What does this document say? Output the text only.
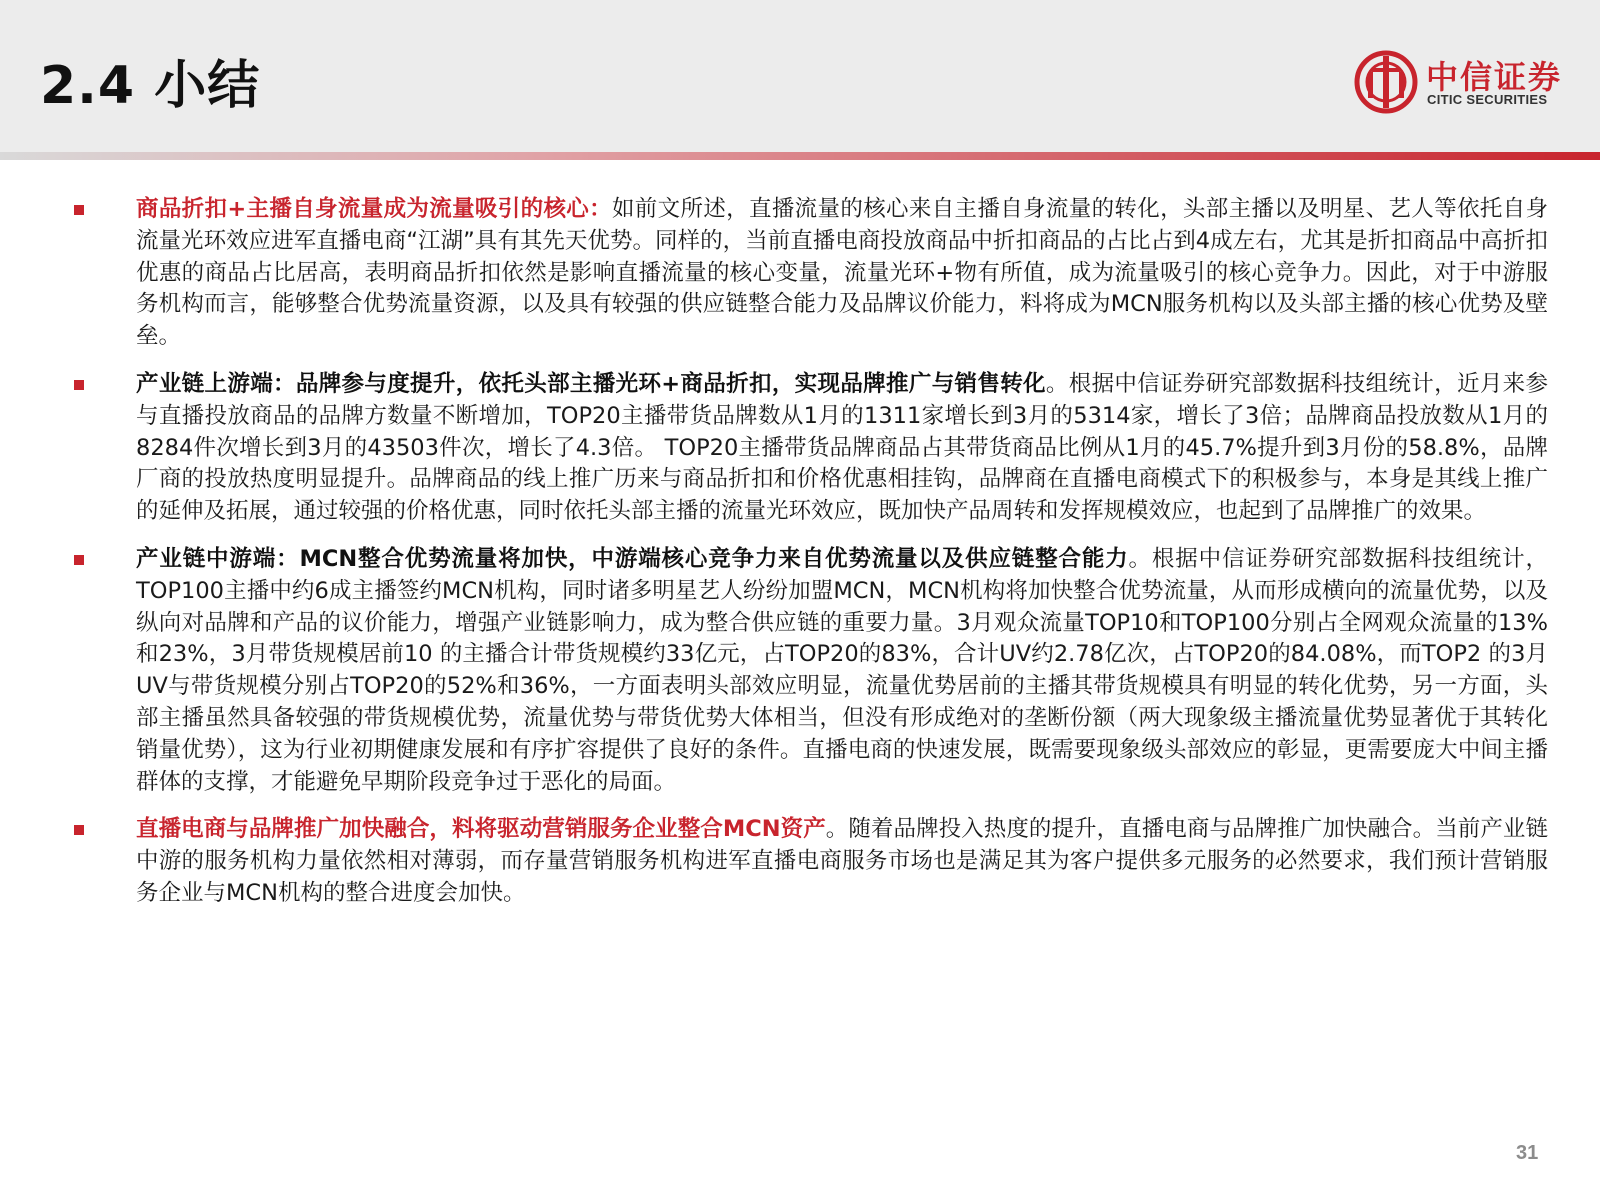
2.4 小结	中信证券
CITIC SECURITIES
商品折扣+主播自身流量成为流量吸引的核心：如前文所述，直播流量的核心来自主播自身流量的转化，头部主播以及明星、艺人等依托自身流量光环效应进军直播电商“江湖”具有其先天优势。同样的，当前直播电商投放商品中折扣商品的占比占到4成左右，尤其是折扣商品中高折扣优惠的商品占比居高，表明商品折扣依然是影响直播流量的核心变量，流量光环+物有所值，成为流量吸引的核心竞争力。因此，对于中游服务机构而言，能够整合优势流量资源，以及具有较强的供应链整合能力及品牌议价能力，料将成为MCN服务机构以及头部主播的核心优势及壁垒。
产业链上游端：品牌参与度提升，依托头部主播光环+商品折扣，实现品牌推广与销售转化。根据中信证券研究部数据科技组统计，近月来参与直播投放商品的品牌方数量不断增加，TOP20主播带货品牌数从1月的1311家增长到3月的5314家，增长了3倍；品牌商品投放数从1月的8284件次增长到3月的43503件次，增长了4.3倍。 TOP20主播带货品牌商品占其带货商品比例从1月的45.7%提升到3月份的58.8%，品牌厂商的投放热度明显提升。品牌商品的线上推广历来与商品折扣和价格优惠相挂钩，品牌商在直播电商模式下的积极参与，本身是其线上推广的延伸及拓展，通过较强的价格优惠，同时依托头部主播的流量光环效应，既加快产品周转和发挥规模效应，也起到了品牌推广的效果。
产业链中游端：MCN整合优势流量将加快，中游端核心竞争力来自优势流量以及供应链整合能力。根据中信证券研究部数据科技组统计，TOP100主播中约6成主播签约MCN机构，同时诸多明星艺人纷纷加盟MCN，MCN机构将加快整合优势流量，从而形成横向的流量优势，以及纵向对品牌和产品的议价能力，增强产业链影响力，成为整合供应链的重要力量。3月观众流量TOP10和TOP100分别占全网观众流量的13%和23%，3月带货规模居前10 的主播合计带货规模约33亿元，占TOP20的83%，合计UV约2.78亿次，占TOP20的84.08%，而TOP2 的3月UV与带货规模分别占TOP20的52%和36%，一方面表明头部效应明显，流量优势居前的主播其带货规模具有明显的转化优势，另一方面，头部主播虽然具备较强的带货规模优势，流量优势与带货优势大体相当，但没有形成绝对的垄断份额（两大现象级主播流量优势显著优于其转化销量优势），这为行业初期健康发展和有序扩容提供了良好的条件。直播电商的快速发展，既需要现象级头部效应的彰显，更需要庞大中间主播群体的支撑，才能避免早期阶段竞争过于恶化的局面。
直播电商与品牌推广加快融合，料将驱动营销服务企业整合MCN资产。随着品牌投入热度的提升，直播电商与品牌推广加快融合。当前产业链中游的服务机构力量依然相对薄弱，而存量营销服务机构进军直播电商服务市场也是满足其为客户提供多元服务的必然要求，我们预计营销服务企业与MCN机构的整合进度会加快。
31
